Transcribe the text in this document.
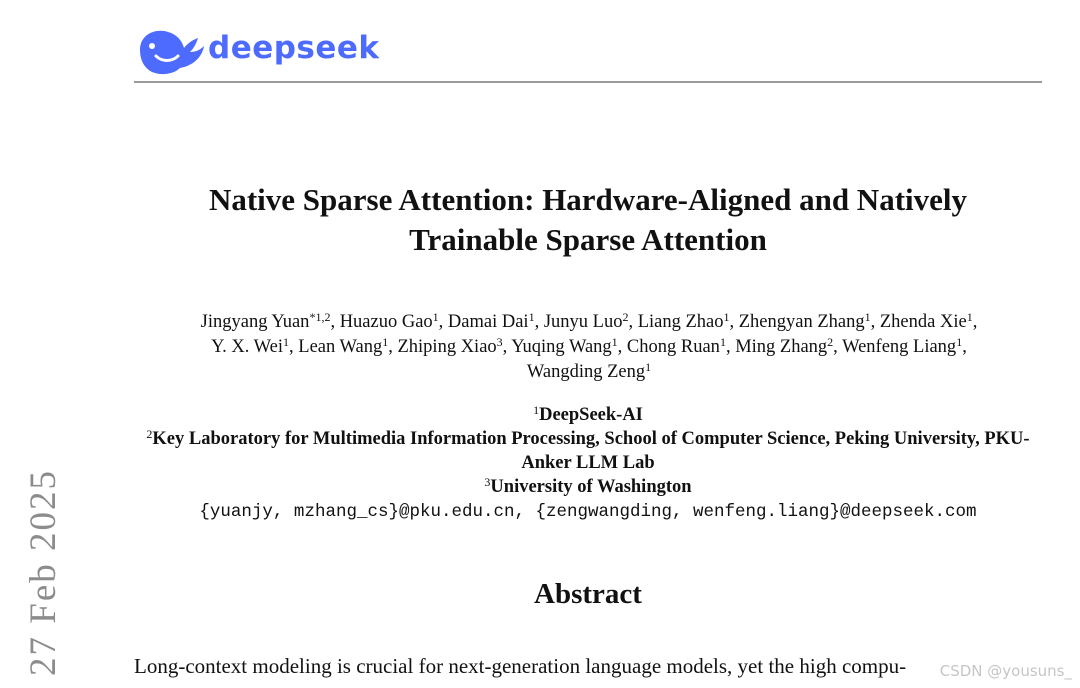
deepseek
27 Feb 2025
Native Sparse Attention: Hardware-Aligned and Natively
Trainable Sparse Attention
Jingyang Yuan$^{*1,2}$, Huazuo Gao$^1$, Damai Dai$^1$, Junyu Luo$^2$, Liang Zhao$^1$, Zhengyan Zhang$^1$, Zhenda Xie$^1$,
Y. X. Wei$^1$, Lean Wang$^1$, Zhiping Xiao$^3$, Yuqing Wang$^1$, Chong Ruan$^1$, Ming Zhang$^2$, Wenfeng Liang$^1$,
Wangding Zeng$^1$
$^1$DeepSeek-AI
$^2$Key Laboratory for Multimedia Information Processing, School of Computer Science, Peking University, PKU-Anker LLM Lab
$^3$University of Washington
{yuanjy, mzhang_cs}@pku.edu.cn, {zengwangding, wenfeng.liang}@deepseek.com
Abstract
Long-context modeling is crucial for next-generation language models, yet the high compu-	CSDN @yousuns_
